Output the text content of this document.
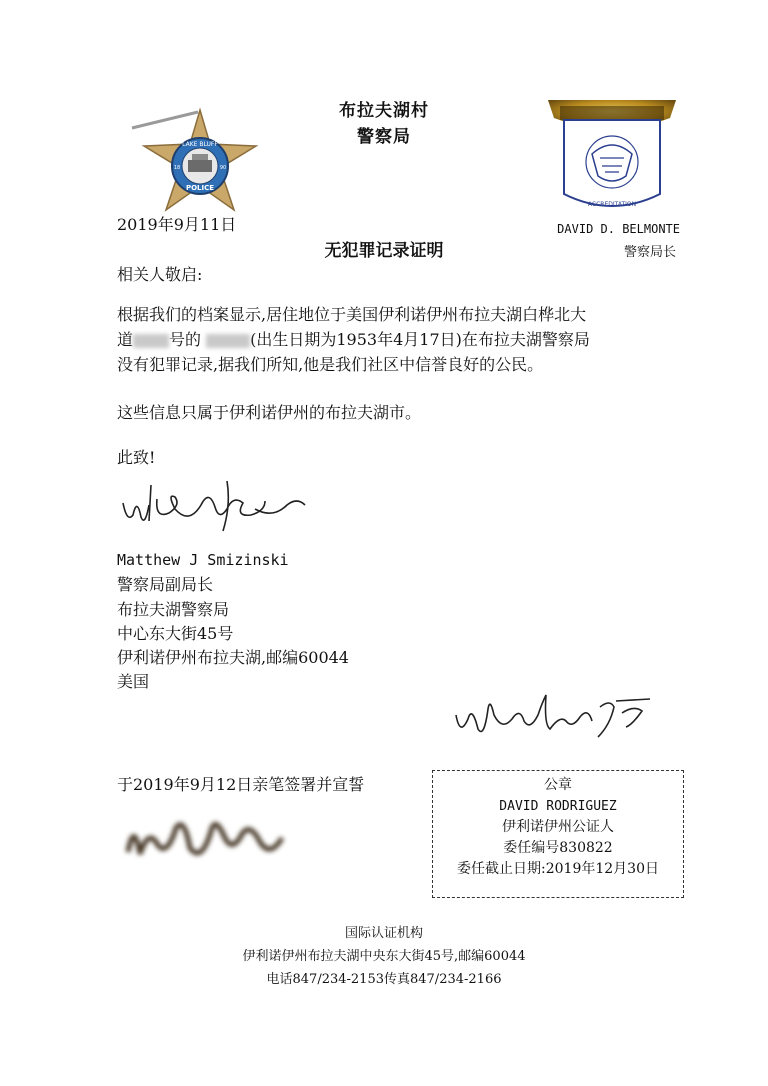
布拉夫湖村
警察局
LAKE BLUFF
POLICE
18	90
ACCREDITATION
DAVID D. BELMONTE
警察局长
2019年9月11日
无犯罪记录证明
相关人敬启:
根据我们的档案显示,居住地位于美国伊利诺伊州布拉夫湖白桦北大
道 号的	(出生日期为1953年4月17日)在布拉夫湖警察局
没有犯罪记录,据我们所知,他是我们社区中信誉良好的公民。
这些信息只属于伊利诺伊州的布拉夫湖市。
此致!
Matthew J Smizinski
警察局副局长
布拉夫湖警察局
中心东大街45号
伊利诺伊州布拉夫湖,邮编60044
美国
于2019年9月12日亲笔签署并宣誓	公章
DAVID RODRIGUEZ
伊利诺伊州公证人
委任编号830822
委任截止日期:2019年12月30日
国际认证机构
伊利诺伊州布拉夫湖中央东大街45号,邮编60044
电话847/234-2153传真847/234-2166
